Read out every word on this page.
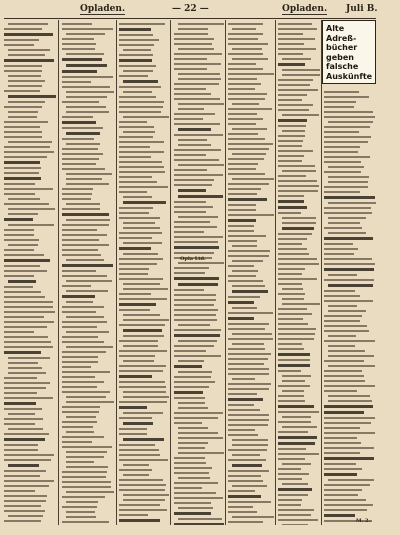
Opladen.	— 22 —	Opladen. Juli B.
Opla Ltd.
Alte
Adreß-
bücher
geben
falsche
Auskünfte
M. 2.
